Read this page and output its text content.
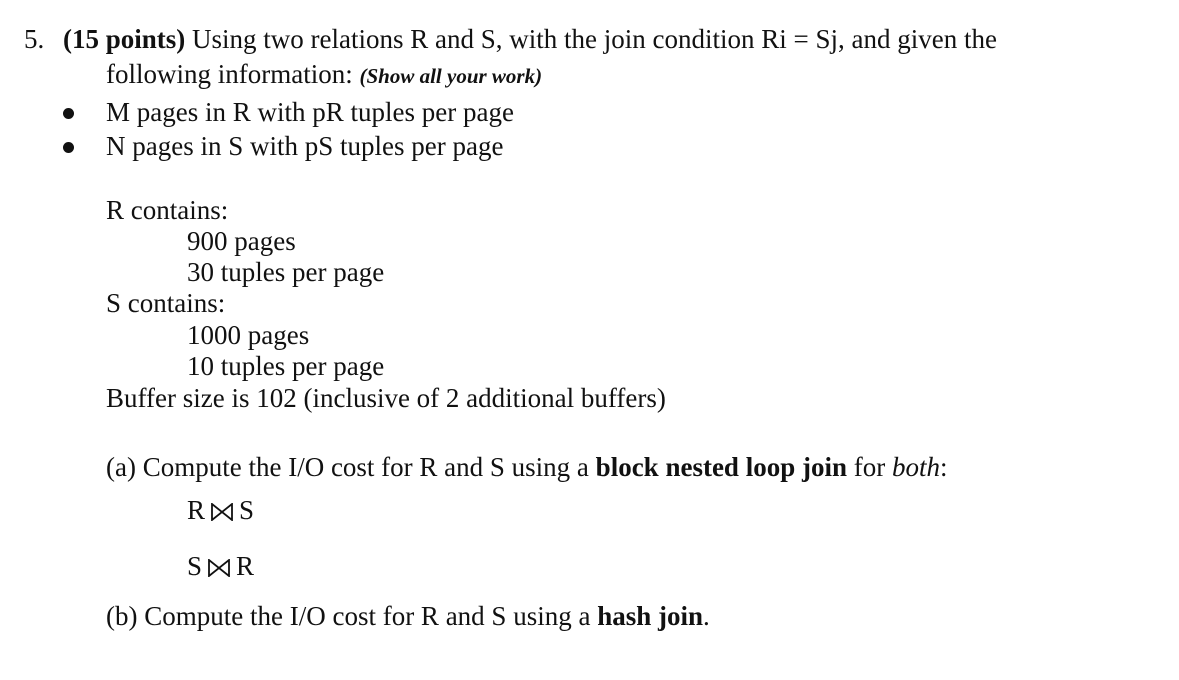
5. (15 points) Using two relations R and S, with the join condition Ri = Sj, and given the
following information: (Show all your work)
M pages in R with pR tuples per page
N pages in S with pS tuples per page
R contains:
900 pages
30 tuples per page
S contains:
1000 pages
10 tuples per page
Buffer size is 102 (inclusive of 2 additional buffers)
(a) Compute the I/O cost for R and S using a block nested loop join for both:
R S
S R
(b) Compute the I/O cost for R and S using a hash join.
